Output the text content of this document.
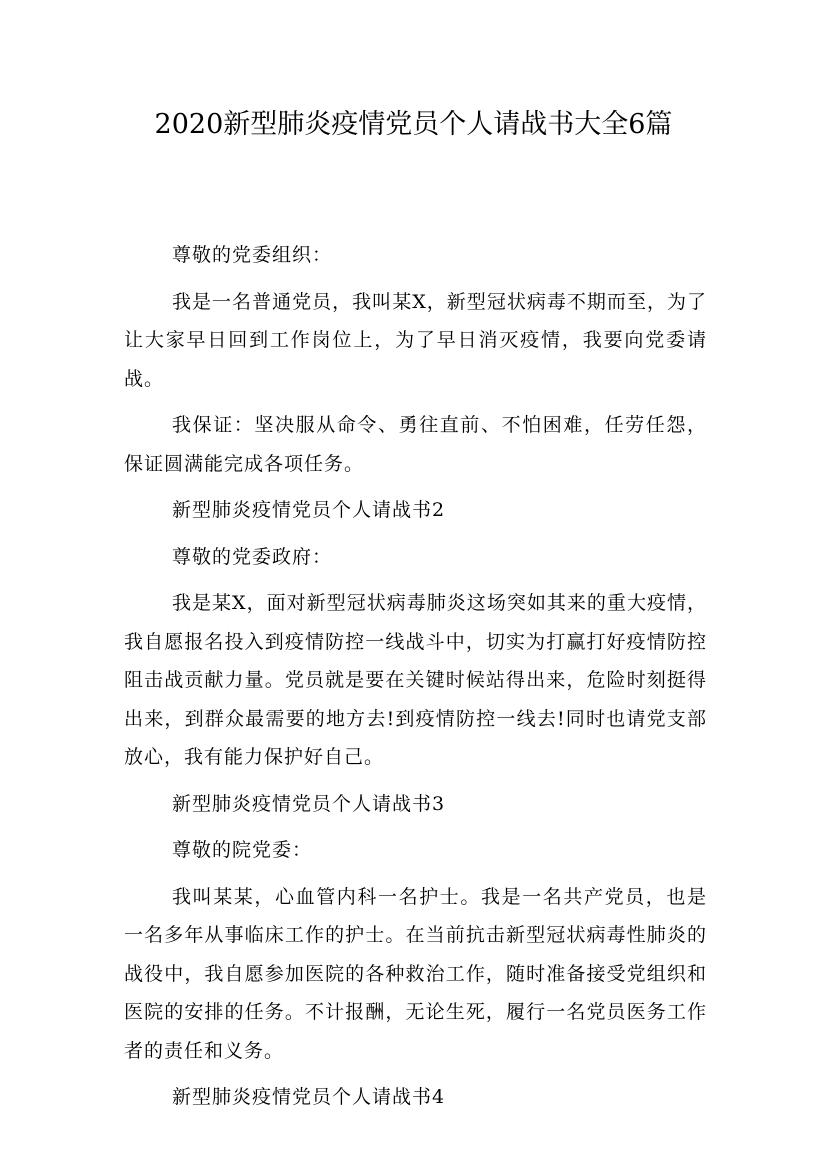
2020新型肺炎疫情党员个人请战书大全6篇

尊敬的党委组织：

我是一名普通党员，我叫某X，新型冠状病毒不期而至，为了让大家早日回到工作岗位上，为了早日消灭疫情，我要向党委请战。

我保证：坚决服从命令、勇往直前、不怕困难，任劳任怨，保证圆满能完成各项任务。

新型肺炎疫情党员个人请战书2

尊敬的党委政府：

我是某X，面对新型冠状病毒肺炎这场突如其来的重大疫情，我自愿报名投入到疫情防控一线战斗中，切实为打赢打好疫情防控阻击战贡献力量。党员就是要在关键时候站得出来，危险时刻挺得出来，到群众最需要的地方去!到疫情防控一线去!同时也请党支部放心，我有能力保护好自己。

新型肺炎疫情党员个人请战书3

尊敬的院党委：

我叫某某，心血管内科一名护士。我是一名共产党员，也是一名多年从事临床工作的护士。在当前抗击新型冠状病毒性肺炎的战役中，我自愿参加医院的各种救治工作，随时准备接受党组织和医院的安排的任务。不计报酬，无论生死，履行一名党员医务工作者的责任和义务。

新型肺炎疫情党员个人请战书4
